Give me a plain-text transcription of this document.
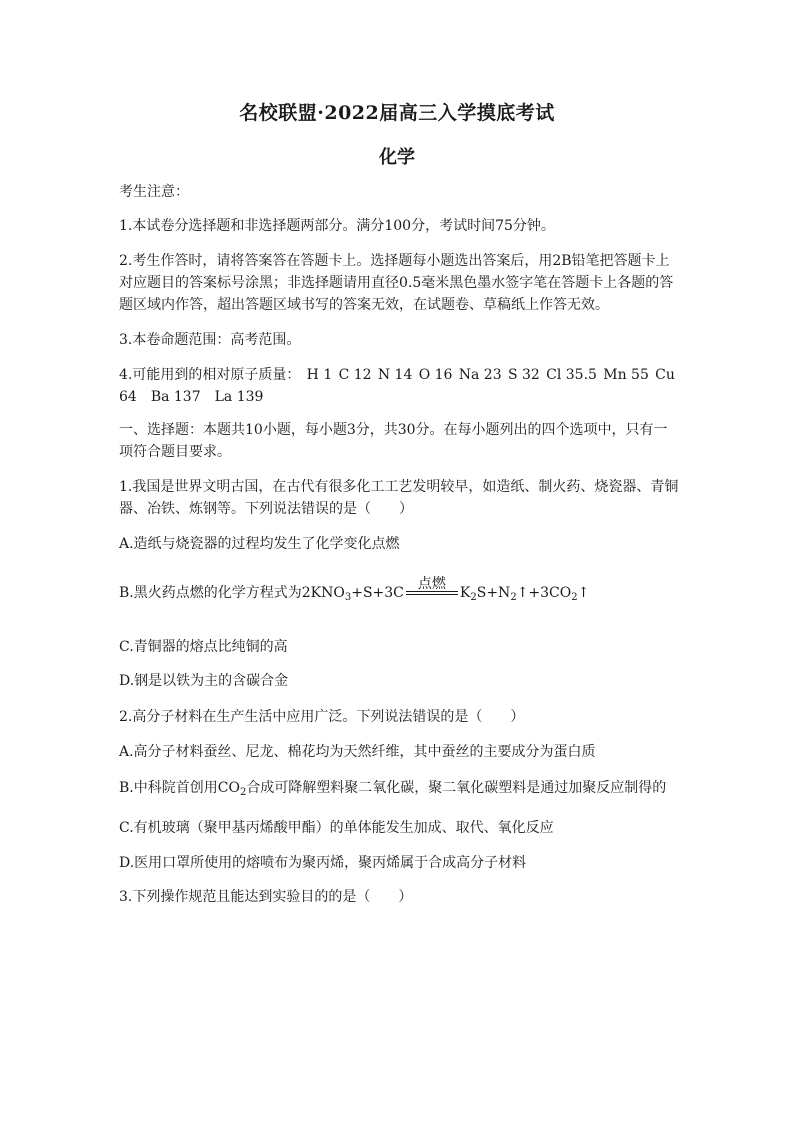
名校联盟·2022届高三入学摸底考试
化学
考生注意：
1.本试卷分选择题和非选择题两部分。满分100分，考试时间75分钟。
2.考生作答时，请将答案答在答题卡上。选择题每小题选出答案后，用2B铅笔把答题卡上
对应题目的答案标号涂黑；非选择题请用直径0.5毫米黑色墨水签字笔在答题卡上各题的答
题区域内作答，超出答题区域书写的答案无效，在试题卷、草稿纸上作答无效。
3.本卷命题范围：高考范围。
4.可能用到的相对原子质量： H 1 C 12 N 14 O 16 Na 23 S 32 Cl 35.5 Mn 55 Cu
64　Ba 137　La 139
一、选择题：本题共10小题，每小题3分，共30分。在每小题列出的四个选项中，只有一
项符合题目要求。
1.我国是世界文明古国，在古代有很多化工工艺发明较早，如造纸、制火药、烧瓷器、青铜
器、冶铁、炼钢等。下列说法错误的是（　　）
A.造纸与烧瓷器的过程均发生了化学变化点燃
B.黑火药点燃的化学方程式为$2KNO_3+S+3C$
点燃
$K_2S+N_2↑+3CO_2↑$
C.青铜器的熔点比纯铜的高
D.钢是以铁为主的含碳合金
2.高分子材料在生产生活中应用广泛。下列说法错误的是（　　）
A.高分子材料蚕丝、尼龙、棉花均为天然纤维，其中蚕丝的主要成分为蛋白质
B.中科院首创用$CO_2$合成可降解塑料聚二氧化碳，聚二氧化碳塑料是通过加聚反应制得的
C.有机玻璃（聚甲基丙烯酸甲酯）的单体能发生加成、取代、氧化反应
D.医用口罩所使用的熔喷布为聚丙烯，聚丙烯属于合成高分子材料
3.下列操作规范且能达到实验目的的是（　　）
